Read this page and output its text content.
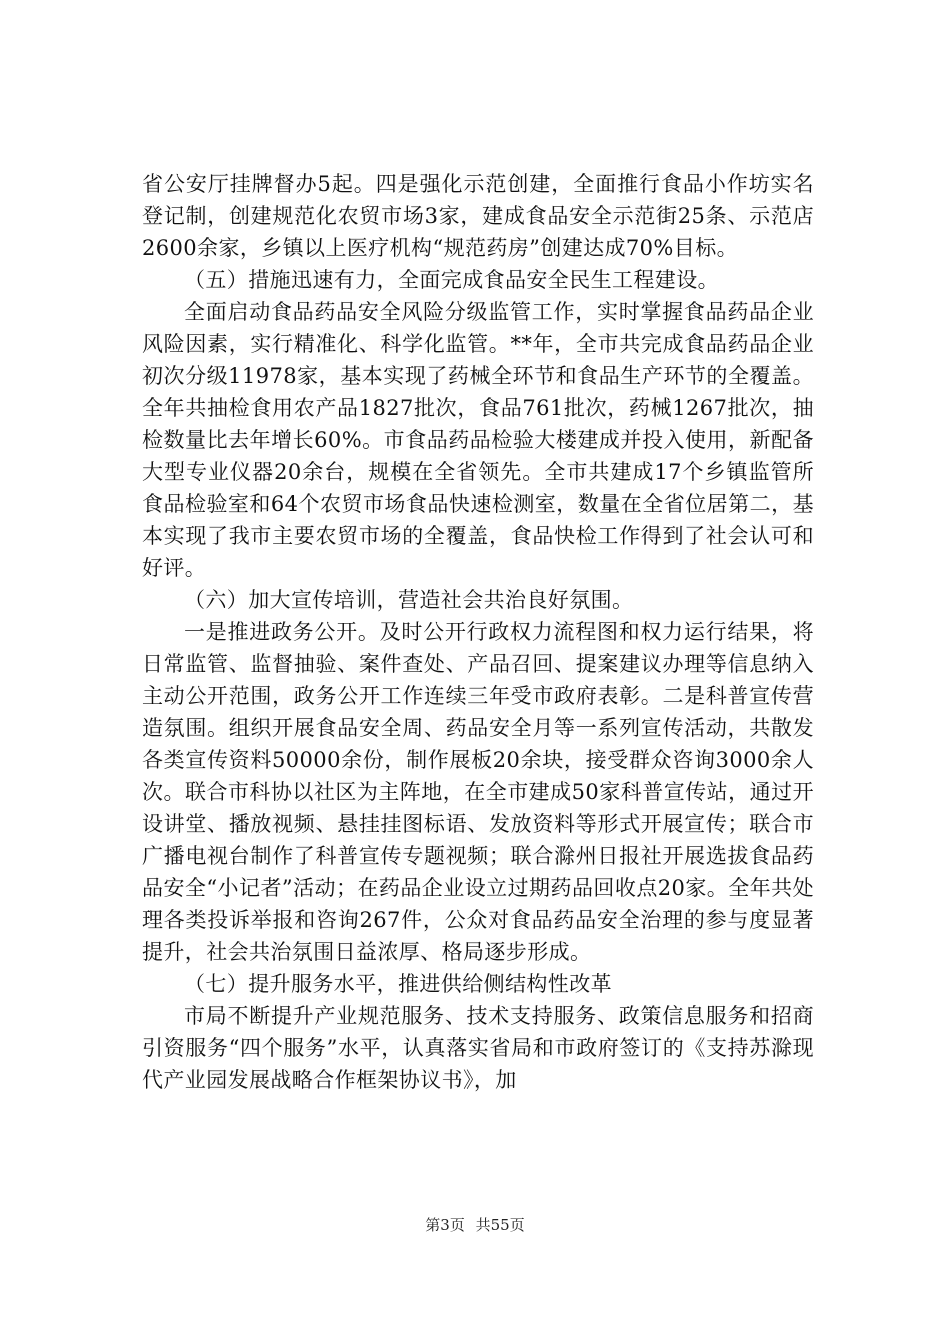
省公安厅挂牌督办5起。四是强化示范创建，全面推行食品小作坊实名登记制，创建规范化农贸市场3家，建成食品安全示范街25条、示范店2600余家，乡镇以上医疗机构“规范药房”创建达成70%目标。

（五）措施迅速有力，全面完成食品安全民生工程建设。

全面启动食品药品安全风险分级监管工作，实时掌握食品药品企业风险因素，实行精准化、科学化监管。**年，全市共完成食品药品企业初次分级11978家，基本实现了药械全环节和食品生产环节的全覆盖。全年共抽检食用农产品1827批次，食品761批次，药械1267批次，抽检数量比去年增长60%。市食品药品检验大楼建成并投入使用，新配备大型专业仪器20余台，规模在全省领先。全市共建成17个乡镇监管所食品检验室和64个农贸市场食品快速检测室，数量在全省位居第二，基本实现了我市主要农贸市场的全覆盖，食品快检工作得到了社会认可和好评。

（六）加大宣传培训，营造社会共治良好氛围。

一是推进政务公开。及时公开行政权力流程图和权力运行结果，将日常监管、监督抽验、案件查处、产品召回、提案建议办理等信息纳入主动公开范围，政务公开工作连续三年受市政府表彰。二是科普宣传营造氛围。组织开展食品安全周、药品安全月等一系列宣传活动，共散发各类宣传资料50000余份，制作展板20余块，接受群众咨询3000余人次。联合市科协以社区为主阵地，在全市建成50家科普宣传站，通过开设讲堂、播放视频、悬挂挂图标语、发放资料等形式开展宣传；联合市广播电视台制作了科普宣传专题视频；联合滁州日报社开展选拔食品药品安全“小记者”活动；在药品企业设立过期药品回收点20家。全年共处理各类投诉举报和咨询267件，公众对食品药品安全治理的参与度显著提升，社会共治氛围日益浓厚、格局逐步形成。

（七）提升服务水平，推进供给侧结构性改革

市局不断提升产业规范服务、技术支持服务、政策信息服务和招商引资服务“四个服务”水平，认真落实省局和市政府签订的《支持苏滁现代产业园发展战略合作框架协议书》，加

第3页 共55页
